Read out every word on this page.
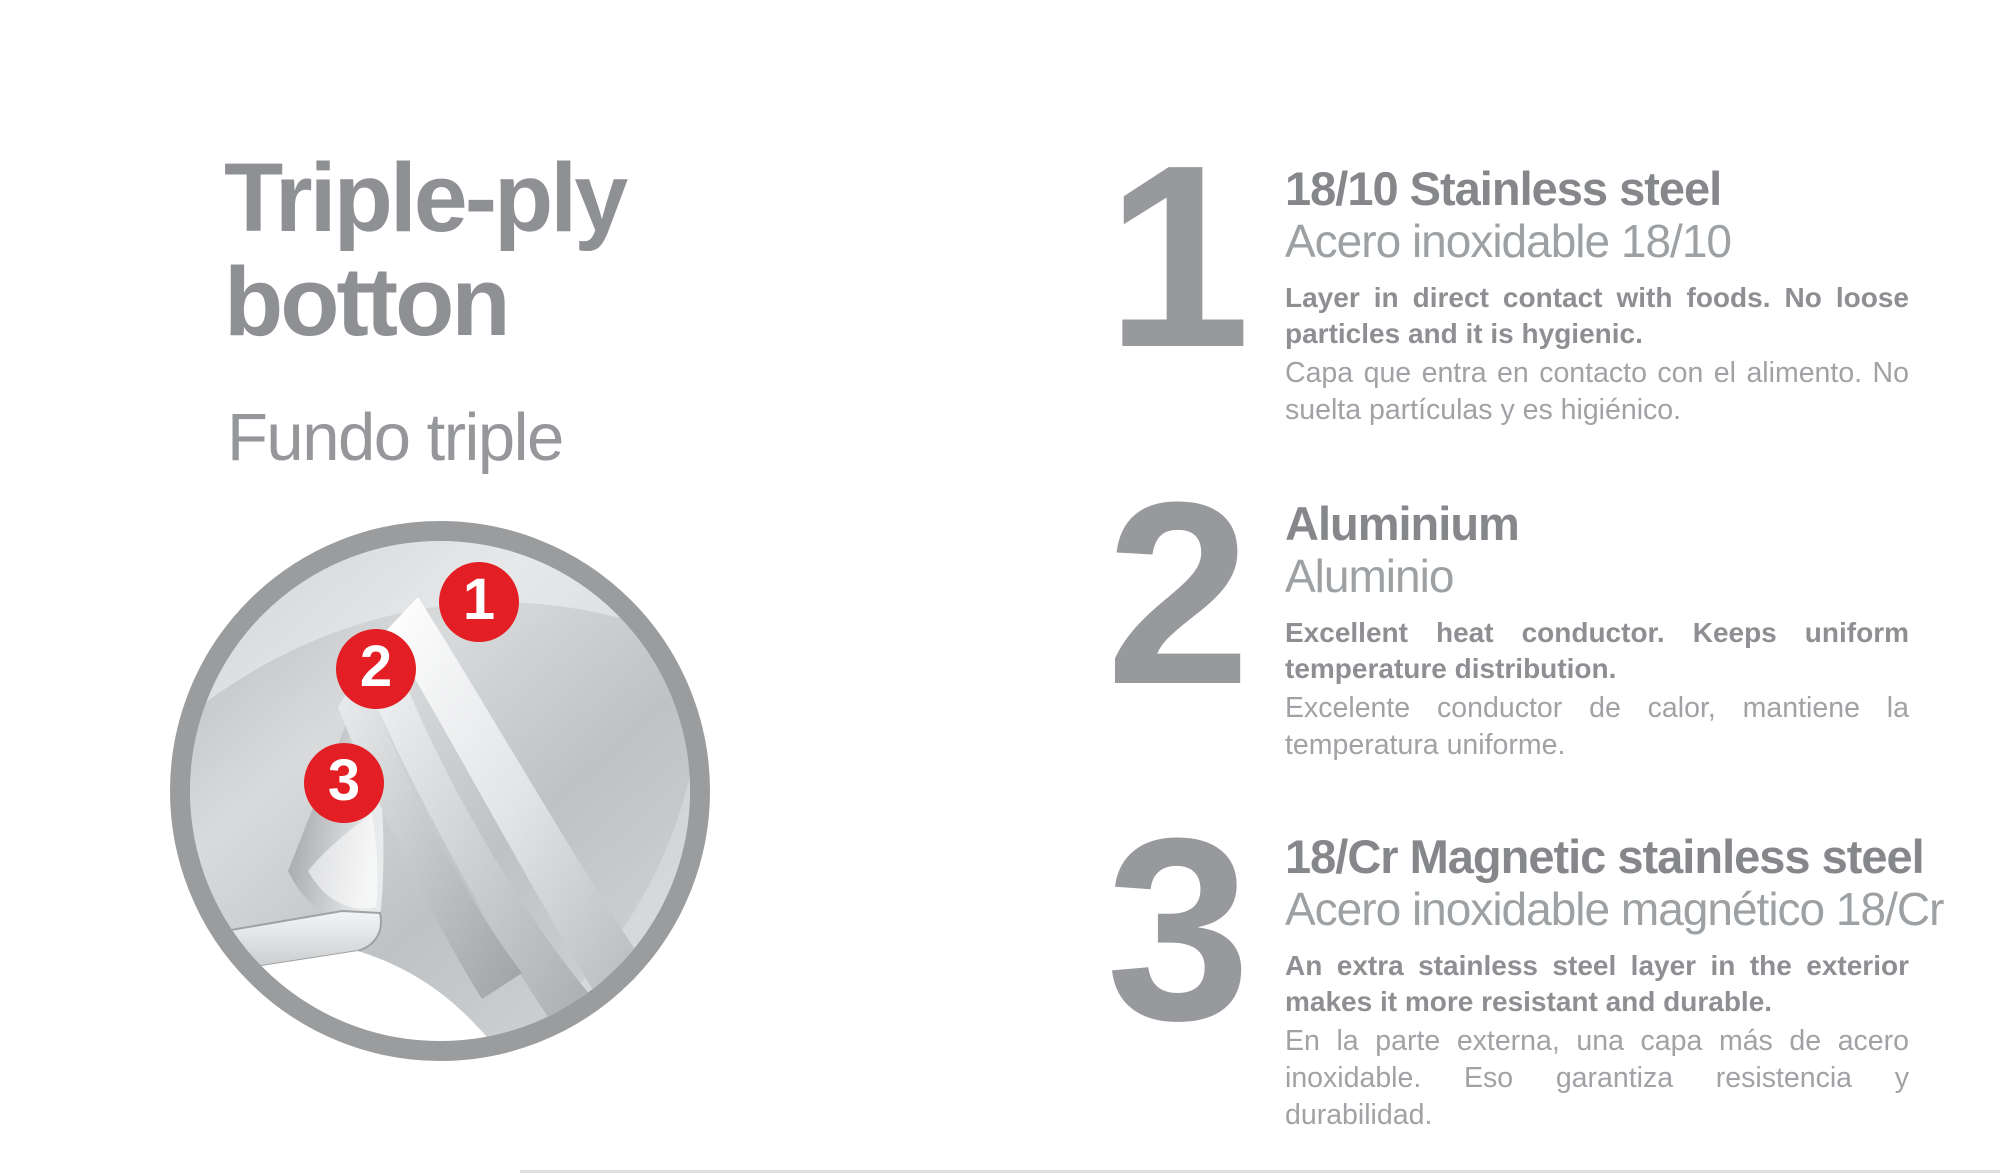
Triple-ply
botton
Fundo triple
1
2
3
1 18/10 Stainless steel
Acero inoxidable 18/10
Layer in direct contact with foods. No loose particles and it is hygienic.
Capa que entra en contacto con el alimento. No suelta partículas y es higiénico.
2 Aluminium
Aluminio
Excellent heat conductor. Keeps uniform temperature distribution.
Excelente conductor de calor, mantiene la temperatura uniforme.
3 18/Cr Magnetic stainless steel
Acero inoxidable magnético 18/Cr
An extra stainless steel layer in the exterior makes it more resistant and durable.
En la parte externa, una capa más de acero inoxidable. Eso garantiza resistencia y durabilidad.
